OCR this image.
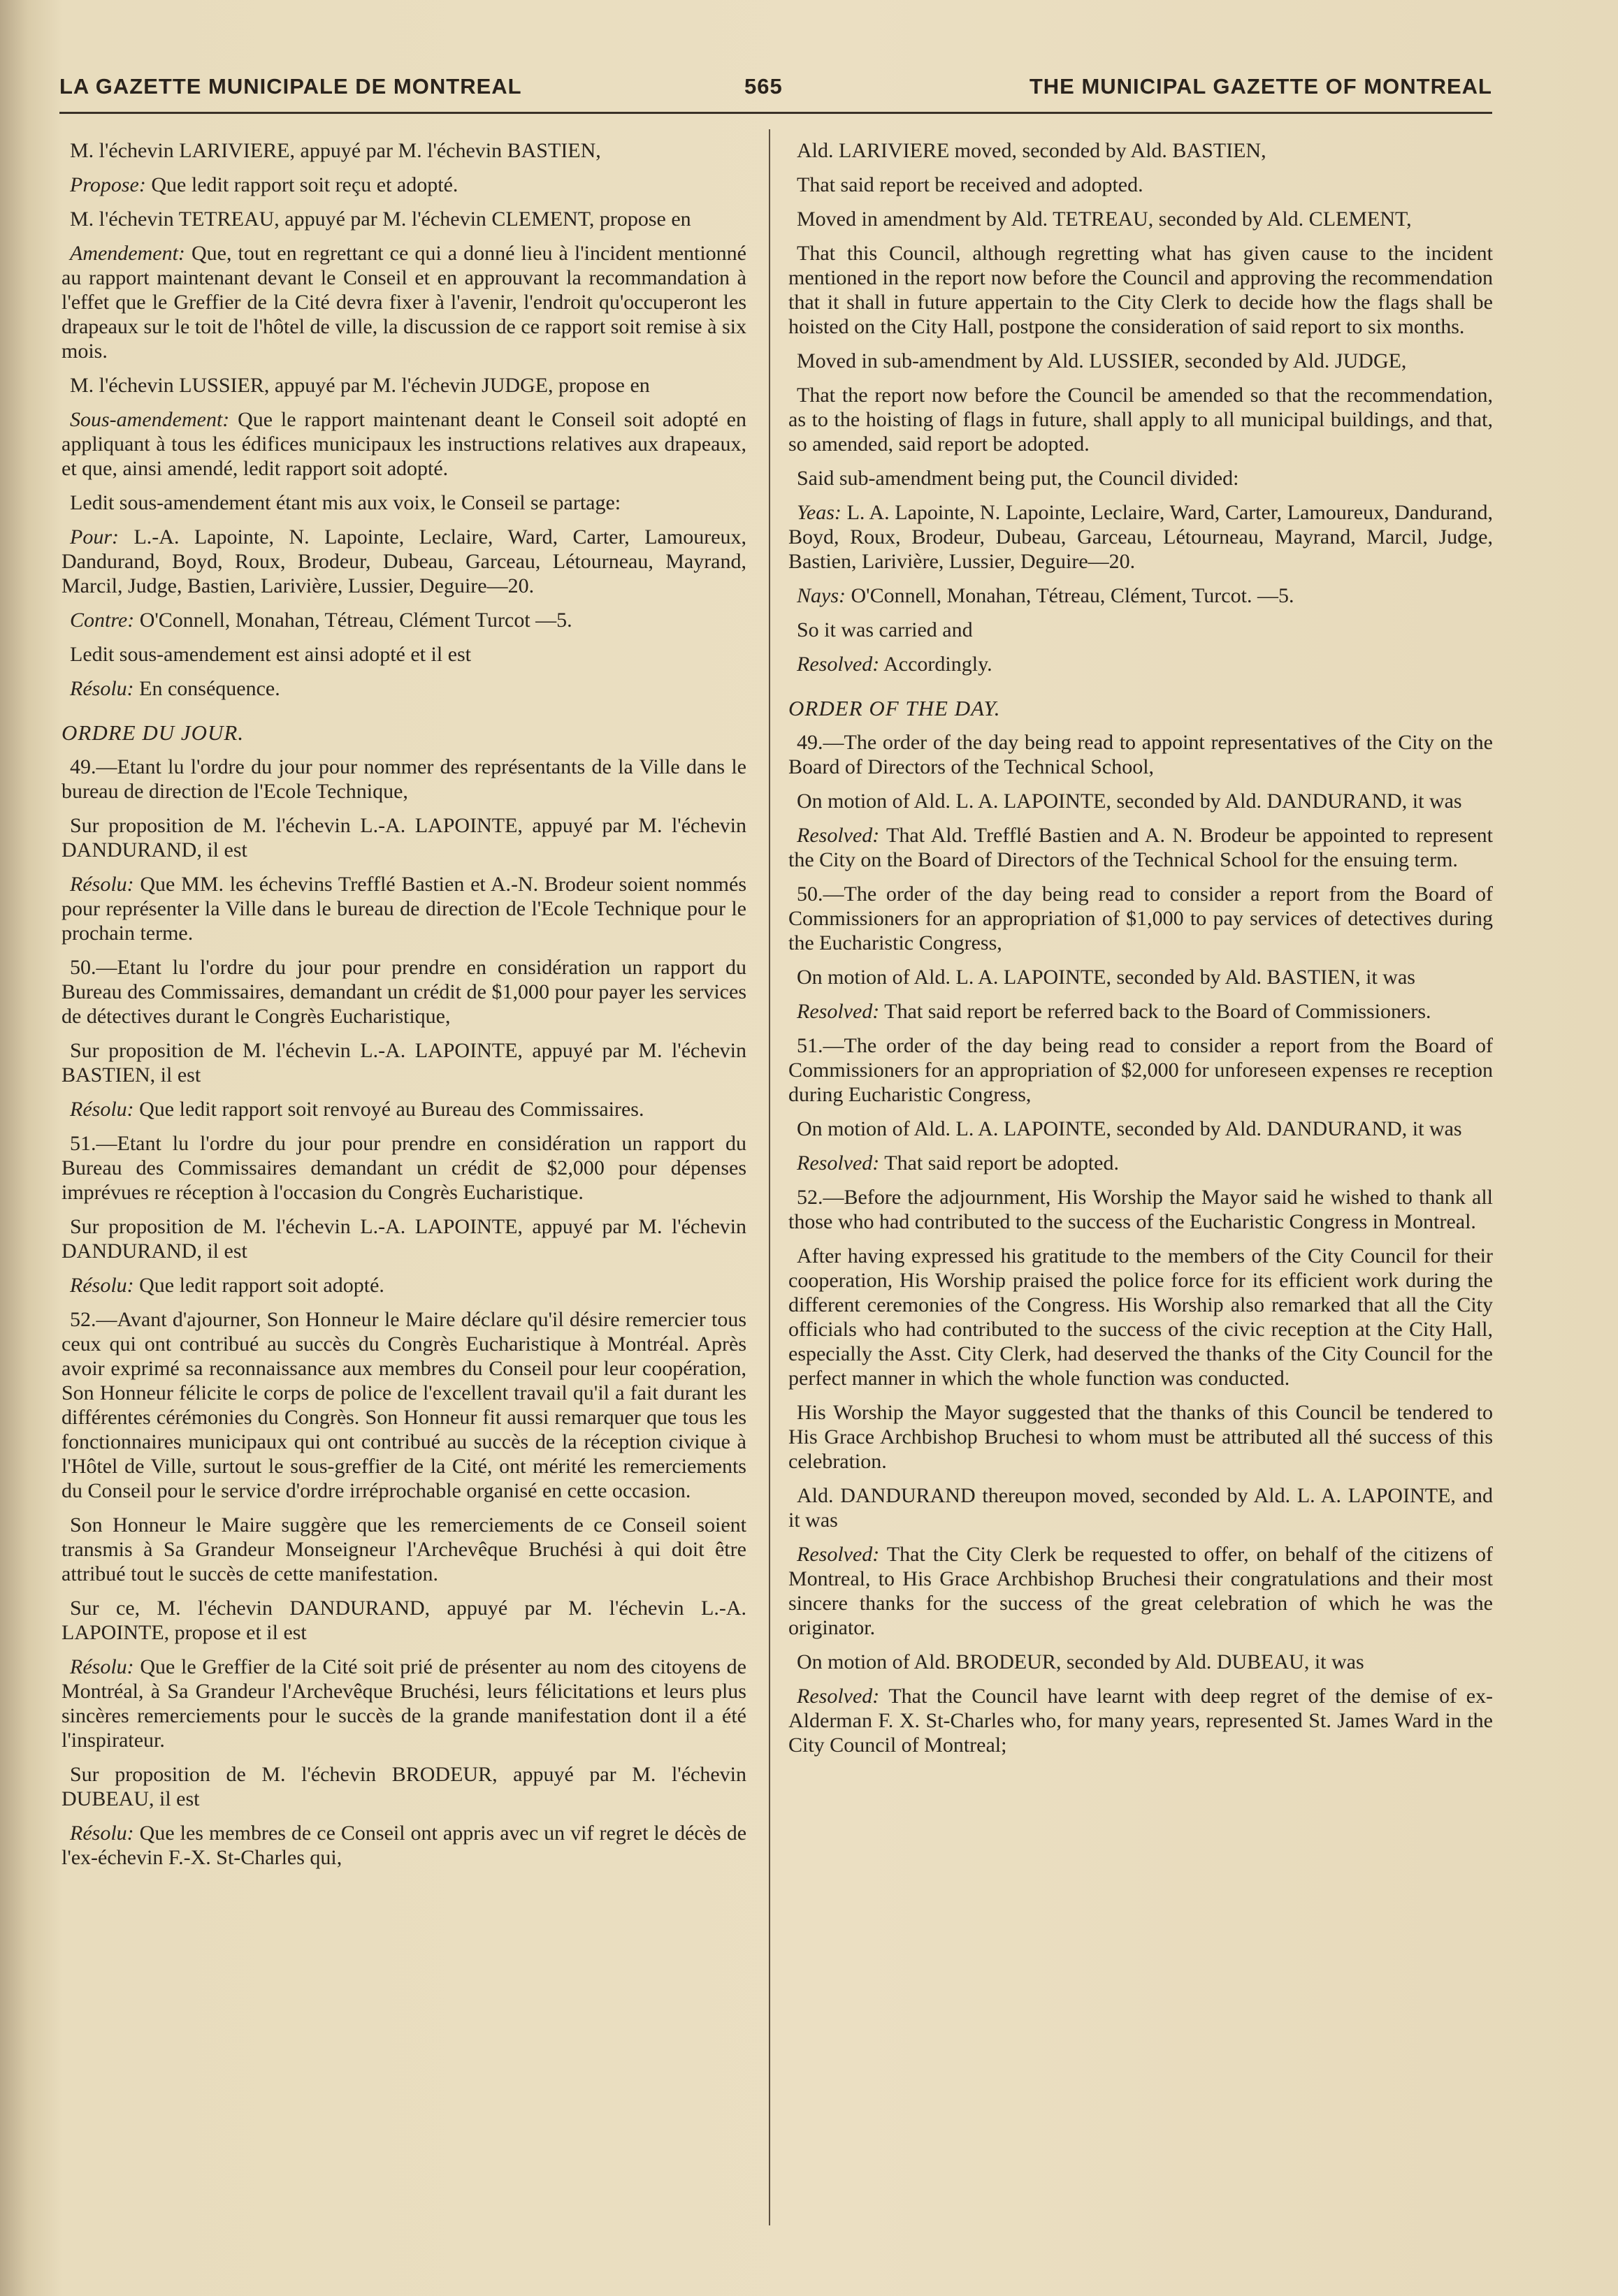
LA GAZETTE MUNICIPALE DE MONTREAL	565	THE MUNICIPAL GAZETTE OF MONTREAL

M. l'échevin LARIVIERE, appuyé par M. l'échevin BASTIEN,

Propose: Que ledit rapport soit reçu et adopté.

M. l'échevin TETREAU, appuyé par M. l'échevin CLEMENT, propose en

Amendement: Que, tout en regrettant ce qui a donné lieu à l'incident mentionné au rapport maintenant devant le Conseil et en approuvant la recommandation à l'effet que le Greffier de la Cité devra fixer à l'avenir, l'endroit qu'occuperont les drapeaux sur le toit de l'hôtel de ville, la discussion de ce rapport soit remise à six mois.

M. l'échevin LUSSIER, appuyé par M. l'échevin JUDGE, propose en

Sous-amendement: Que le rapport maintenant deant le Conseil soit adopté en appliquant à tous les édifices municipaux les instructions relatives aux drapeaux, et que, ainsi amendé, ledit rapport soit adopté.

Ledit sous-amendement étant mis aux voix, le Conseil se partage:

Pour: L.-A. Lapointe, N. Lapointe, Leclaire, Ward, Carter, Lamoureux, Dandurand, Boyd, Roux, Brodeur, Dubeau, Garceau, Létourneau, Mayrand, Marcil, Judge, Bastien, Larivière, Lussier, Deguire—20.

Contre: O'Connell, Monahan, Tétreau, Clément Turcot —5.

Ledit sous-amendement est ainsi adopté et il est

Résolu: En conséquence.

ORDRE DU JOUR.

49.—Etant lu l'ordre du jour pour nommer des représentants de la Ville dans le bureau de direction de l'Ecole Technique,

Sur proposition de M. l'échevin L.-A. LAPOINTE, appuyé par M. l'échevin DANDURAND, il est

Résolu: Que MM. les échevins Trefflé Bastien et A.-N. Brodeur soient nommés pour représenter la Ville dans le bureau de direction de l'Ecole Technique pour le prochain terme.

50.—Etant lu l'ordre du jour pour prendre en considération un rapport du Bureau des Commissaires, demandant un crédit de $1,000 pour payer les services de détectives durant le Congrès Eucharistique,

Sur proposition de M. l'échevin L.-A. LAPOINTE, appuyé par M. l'échevin BASTIEN, il est

Résolu: Que ledit rapport soit renvoyé au Bureau des Commissaires.

51.—Etant lu l'ordre du jour pour prendre en considération un rapport du Bureau des Commissaires demandant un crédit de $2,000 pour dépenses imprévues re réception à l'occasion du Congrès Eucharistique.

Sur proposition de M. l'échevin L.-A. LAPOINTE, appuyé par M. l'échevin DANDURAND, il est

Résolu: Que ledit rapport soit adopté.

52.—Avant d'ajourner, Son Honneur le Maire déclare qu'il désire remercier tous ceux qui ont contribué au succès du Congrès Eucharistique à Montréal. Après avoir exprimé sa reconnaissance aux membres du Conseil pour leur coopération, Son Honneur félicite le corps de police de l'excellent travail qu'il a fait durant les différentes cérémonies du Congrès. Son Honneur fit aussi remarquer que tous les fonctionnaires municipaux qui ont contribué au succès de la réception civique à l'Hôtel de Ville, surtout le sous-greffier de la Cité, ont mérité les remerciements du Conseil pour le service d'ordre irréprochable organisé en cette occasion.

Son Honneur le Maire suggère que les remerciements de ce Conseil soient transmis à Sa Grandeur Monseigneur l'Archevêque Bruchési à qui doit être attribué tout le succès de cette manifestation.

Sur ce, M. l'échevin DANDURAND, appuyé par M. l'échevin L.-A. LAPOINTE, propose et il est

Résolu: Que le Greffier de la Cité soit prié de présenter au nom des citoyens de Montréal, à Sa Grandeur l'Archevêque Bruchési, leurs félicitations et leurs plus sincères remerciements pour le succès de la grande manifestation dont il a été l'inspirateur.

Sur proposition de M. l'échevin BRODEUR, appuyé par M. l'échevin DUBEAU, il est

Résolu: Que les membres de ce Conseil ont appris avec un vif regret le décès de l'ex-échevin F.-X. St-Charles qui,

Ald. LARIVIERE moved, seconded by Ald. BASTIEN,

That said report be received and adopted.

Moved in amendment by Ald. TETREAU, seconded by Ald. CLEMENT,

That this Council, although regretting what has given cause to the incident mentioned in the report now before the Council and approving the recommendation that it shall in future appertain to the City Clerk to decide how the flags shall be hoisted on the City Hall, postpone the consideration of said report to six months.

Moved in sub-amendment by Ald. LUSSIER, seconded by Ald. JUDGE,

That the report now before the Council be amended so that the recommendation, as to the hoisting of flags in future, shall apply to all municipal buildings, and that, so amended, said report be adopted.

Said sub-amendment being put, the Council divided:

Yeas: L. A. Lapointe, N. Lapointe, Leclaire, Ward, Carter, Lamoureux, Dandurand, Boyd, Roux, Brodeur, Dubeau, Garceau, Létourneau, Mayrand, Marcil, Judge, Bastien, Larivière, Lussier, Deguire—20.

Nays: O'Connell, Monahan, Tétreau, Clément, Turcot. —5.

So it was carried and

Resolved: Accordingly.

ORDER OF THE DAY.

49.—The order of the day being read to appoint representatives of the City on the Board of Directors of the Technical School,

On motion of Ald. L. A. LAPOINTE, seconded by Ald. DANDURAND, it was

Resolved: That Ald. Trefflé Bastien and A. N. Brodeur be appointed to represent the City on the Board of Directors of the Technical School for the ensuing term.

50.—The order of the day being read to consider a report from the Board of Commissioners for an appropriation of $1,000 to pay services of detectives during the Eucharistic Congress,

On motion of Ald. L. A. LAPOINTE, seconded by Ald. BASTIEN, it was

Resolved: That said report be referred back to the Board of Commissioners.

51.—The order of the day being read to consider a report from the Board of Commissioners for an appropriation of $2,000 for unforeseen expenses re reception during Eucharistic Congress,

On motion of Ald. L. A. LAPOINTE, seconded by Ald. DANDURAND, it was

Resolved: That said report be adopted.

52.—Before the adjournment, His Worship the Mayor said he wished to thank all those who had contributed to the success of the Eucharistic Congress in Montreal.

After having expressed his gratitude to the members of the City Council for their cooperation, His Worship praised the police force for its efficient work during the different ceremonies of the Congress. His Worship also remarked that all the City officials who had contributed to the success of the civic reception at the City Hall, especially the Asst. City Clerk, had deserved the thanks of the City Council for the perfect manner in which the whole function was conducted.

His Worship the Mayor suggested that the thanks of this Council be tendered to His Grace Archbishop Bruchesi to whom must be attributed all thé success of this celebration.

Ald. DANDURAND thereupon moved, seconded by Ald. L. A. LAPOINTE, and it was

Resolved: That the City Clerk be requested to offer, on behalf of the citizens of Montreal, to His Grace Archbishop Bruchesi their congratulations and their most sincere thanks for the success of the great celebration of which he was the originator.

On motion of Ald. BRODEUR, seconded by Ald. DUBEAU, it was

Resolved: That the Council have learnt with deep regret of the demise of ex-Alderman F. X. St-Charles who, for many years, represented St. James Ward in the City Council of Montreal;
